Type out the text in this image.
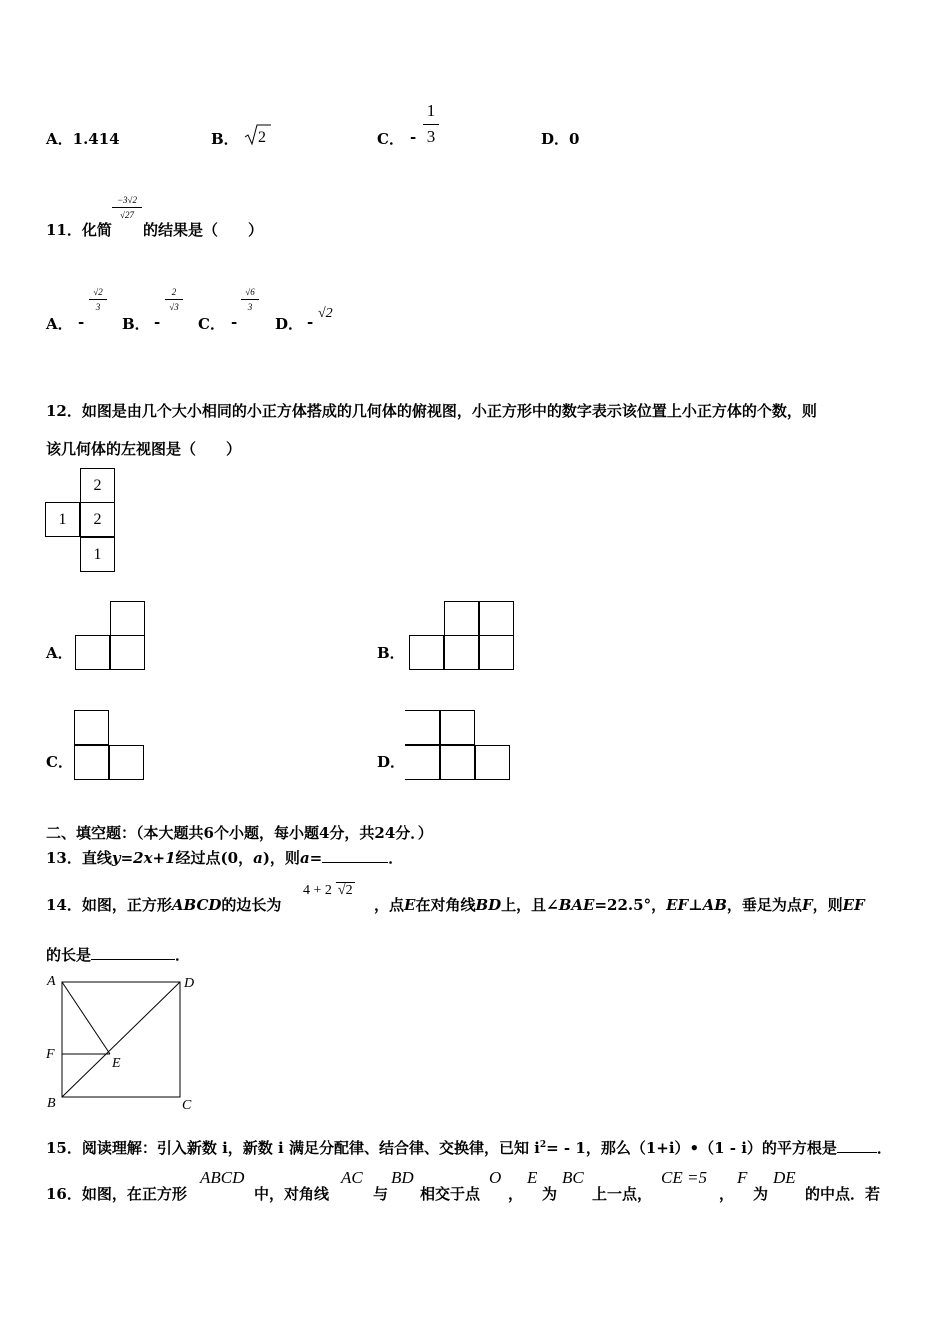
A．1.414	B． 2	C． -
1
3	D．0
11．化简
−3√2
√27
的结果是（　　）
A． -
√2
3
B． -
2
√3
C． -
√6
3
D． - √2
12．如图是由几个大小相同的小正方体搭成的几何体的俯视图，小正方形中的数字表示该位置上小正方体的个数，则
该几何体的左视图是（　　）
2
1	2
1
A．	B．
C．	D．
二、填空题：（本大题共6个小题，每小题4分，共24分．）
13．直线y=2x+1经过点(0，a)，则a=	．
14．如图，正方形ABCD的边长为
4 + 2 √2
，点E在对角线BD上，且∠BAE=22.5°，EF⊥AB，垂足为点F，则EF
的长是	．
A	D
F
E
B	C
15．阅读理解：引入新数 i，新数 i 满足分配律、结合律、交换律，已知 $i^2= - 1$，那么（1+i）•（1 - i）的平方根是	．
16．如图，在正方形
ABCD
中，对角线
AC
与
BD
相交于点
O
，
E
为
BC
上一点，
CE =5
，
F
为
DE
的中点．若
